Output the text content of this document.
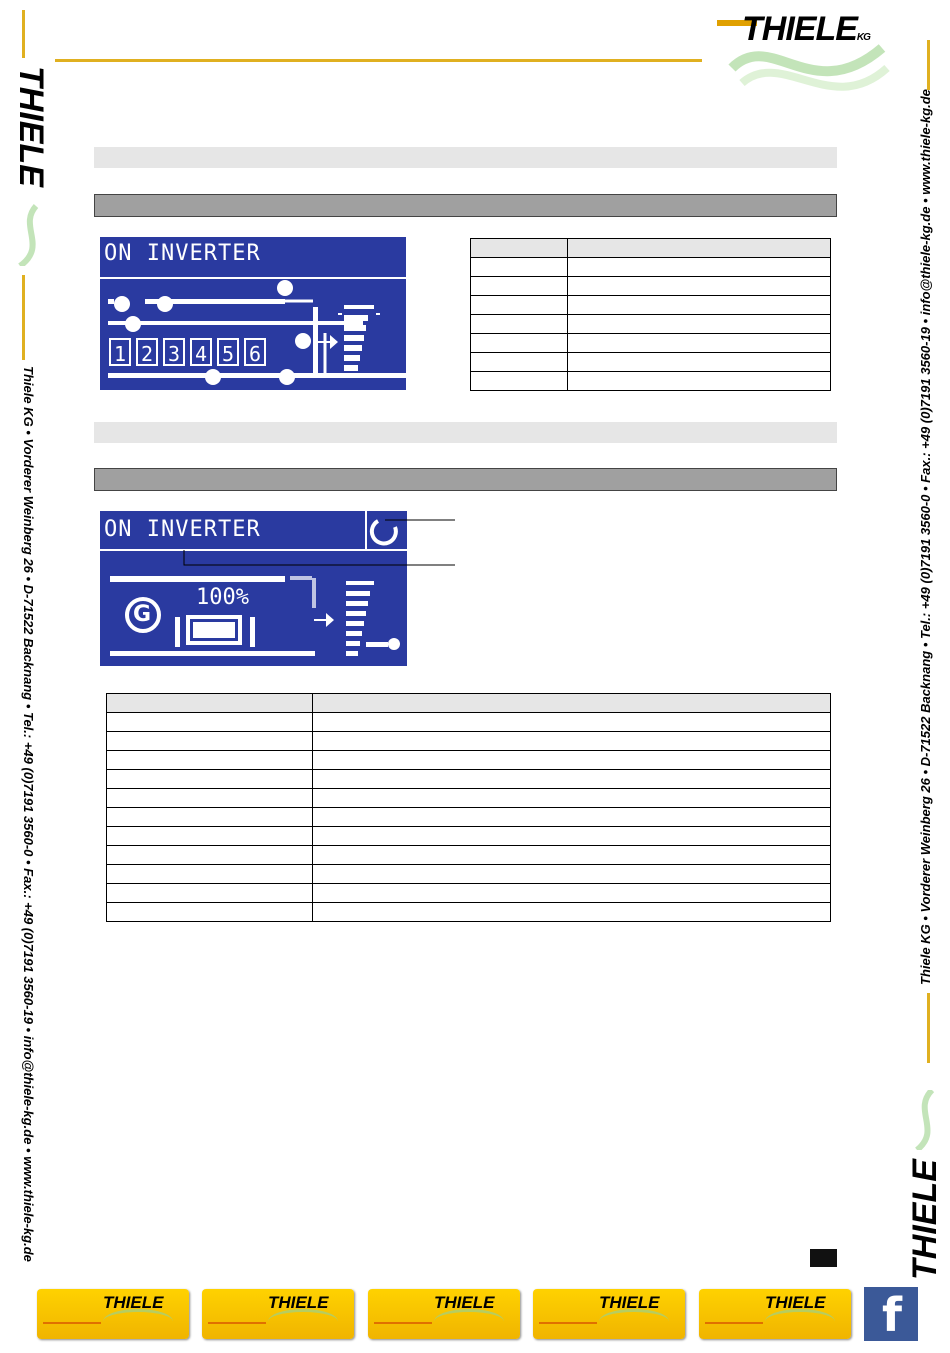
THIELEKG
THIELE
Thiele KG • Vorderer Weinberg 26 • D-71522 Backnang • Tel.: +49 (0)7191 3560-0 • Fax.: +49 (0)7191 3560-19 • info@thiele-kg.de • www.thiele-kg.de	Thiele KG • Vorderer Weinberg 26 • D-71522 Backnang • Tel.: +49 (0)7191 3560-0 • Fax.: +49 (0)7191 3560-19 • info@thiele-kg.de • www.thiele-kg.de
THIELE
ON INVERTER
1 2 3 4 5 6

ON INVERTER
G
100%

THIELE	THIELE	THIELE	THIELE	THIELE f
